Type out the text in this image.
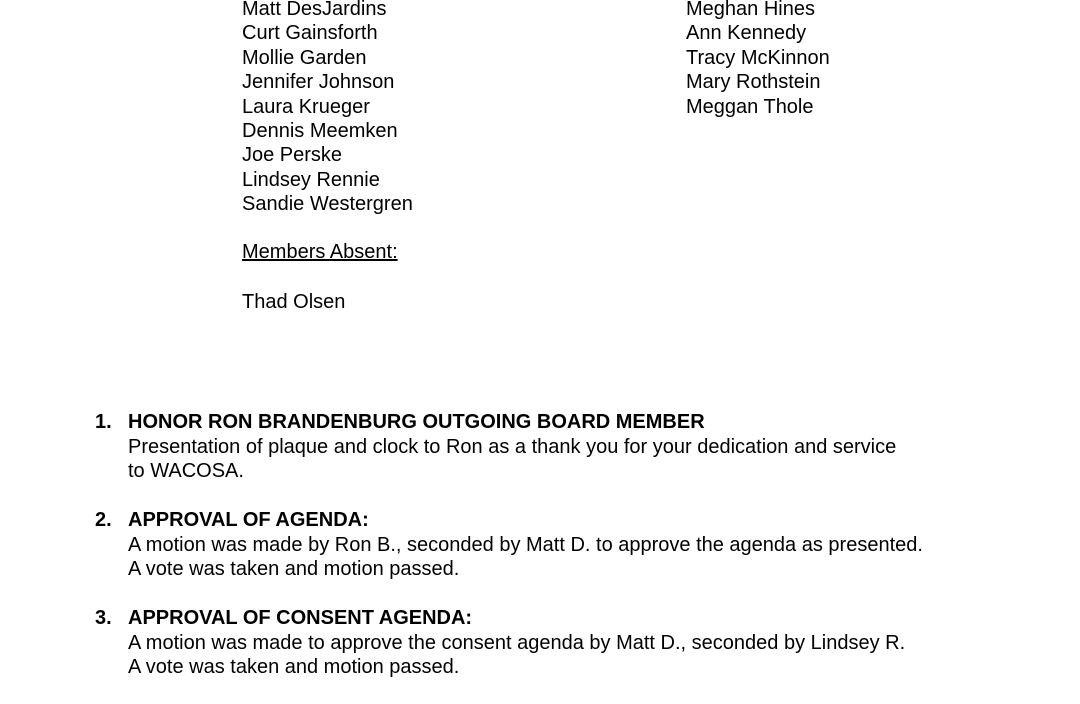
Matt DesJardins
Curt Gainsforth
Mollie Garden
Jennifer Johnson
Laura Krueger
Dennis Meemken
Joe Perske
Lindsey Rennie
Sandie Westergren
Meghan Hines
Ann Kennedy
Tracy McKinnon
Mary Rothstein
Meggan Thole
Members Absent:
Thad Olsen
1. HONOR RON BRANDENBURG OUTGOING BOARD MEMBER
Presentation of plaque and clock to Ron as a thank you for your dedication and service
to WACOSA.
2. APPROVAL OF AGENDA:
A motion was made by Ron B., seconded by Matt D. to approve the agenda as presented.
A vote was taken and motion passed.
3. APPROVAL OF CONSENT AGENDA:
A motion was made to approve the consent agenda by Matt D., seconded by Lindsey R.
A vote was taken and motion passed.
